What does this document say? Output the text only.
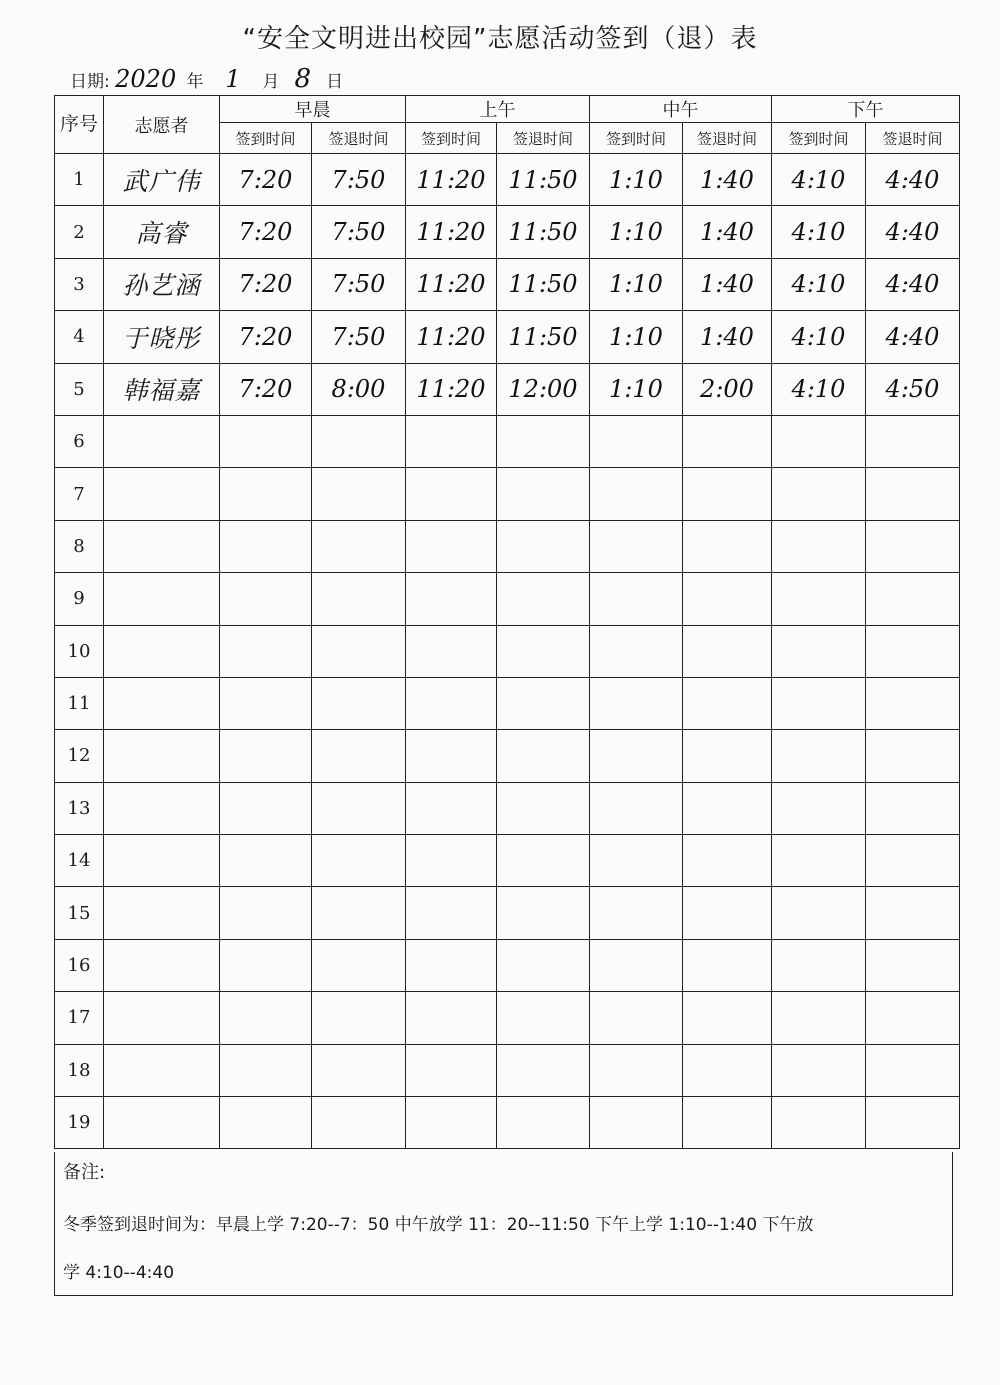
“安全文明进出校园”志愿活动签到（退）表
日期: 2020 年 1 月 8 日
序号	志愿者	早晨		上午		中午		下午	
		签到时间	签退时间	签到时间	签退时间	签到时间	签退时间	签到时间	签退时间
1	武广伟	7:20	7:50	11:20	11:50	1:10	1:40	4:10	4:40
2	高睿	7:20	7:50	11:20	11:50	1:10	1:40	4:10	4:40
3	孙艺涵	7:20	7:50	11:20	11:50	1:10	1:40	4:10	4:40
4	于晓彤	7:20	7:50	11:20	11:50	1:10	1:40	4:10	4:40
5	韩福嘉	7:20	8:00	11:20	12:00	1:10	2:00	4:10	4:50
6									
7									
8									
9									
10									
11									
12									
13									
14									
15									
16									
17									
18									
19									
备注:
冬季签到退时间为：早晨上学 7:20--7：50 中午放学 11：20--11:50 下午上学 1:10--1:40 下午放
学 4:10--4:40
